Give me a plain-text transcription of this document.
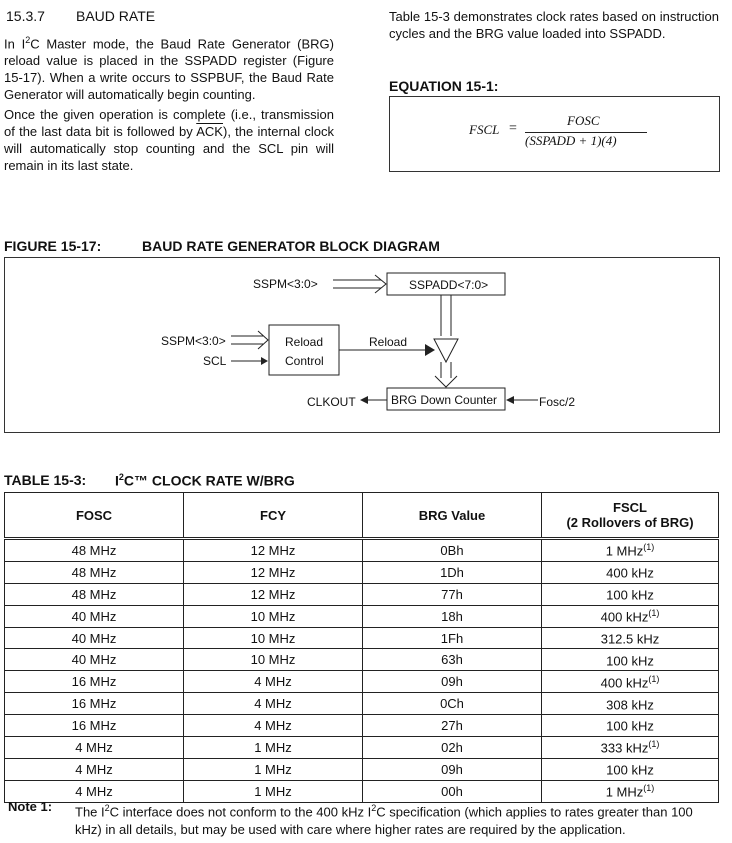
15.3.7 BAUD RATE
In $I^2C$ Master mode, the Baud Rate Generator (BRG) reload value is placed in the SSPADD register (Figure 15-17). When a write occurs to SSPBUF, the Baud Rate Generator will automatically begin counting.
Once the given operation is complete (i.e., transmission of the last data bit is followed by $\overline{ACK}$), the internal clock will automatically stop counting and the SCL pin will remain in its last state.
Table 15-3 demonstrates clock rates based on instruction cycles and the BRG value loaded into SSPADD.
EQUATION 15-1:
FSCL =
FOSC
(SSPADD + 1)(4)
FIGURE 15-17:	BAUD RATE GENERATOR BLOCK DIAGRAM
SSPM<3:0>	SSPADD<7:0>
SSPM<3:0>
SCL
Reload
Control
Reload
CLKOUT	BRG Down Counter	Fosc/2
TABLE 15-3: $I^2C™$ CLOCK RATE W/BRG
FOSC	FCY	BRG Value	FSCL
(2 Rollovers of BRG)
48 MHz	12 MHz	0Bh	1 MHz$^{(1)}$
48 MHz	12 MHz	1Dh	400 kHz
48 MHz	12 MHz	77h	100 kHz
40 MHz	10 MHz	18h	400 kHz$^{(1)}$
40 MHz	10 MHz	1Fh	312.5 kHz
40 MHz	10 MHz	63h	100 kHz
16 MHz	4 MHz	09h	400 kHz$^{(1)}$
16 MHz	4 MHz	0Ch	308 kHz
16 MHz	4 MHz	27h	100 kHz
4 MHz	1 MHz	02h	333 kHz$^{(1)}$
4 MHz	1 MHz	09h	100 kHz
4 MHz	1 MHz	00h	1 MHz$^{(1)}$
Note 1: The $I^2C$ interface does not conform to the 400 kHz $I^2C$ specification (which applies to rates greater than 100 kHz) in all details, but may be used with care where higher rates are required by the application.
